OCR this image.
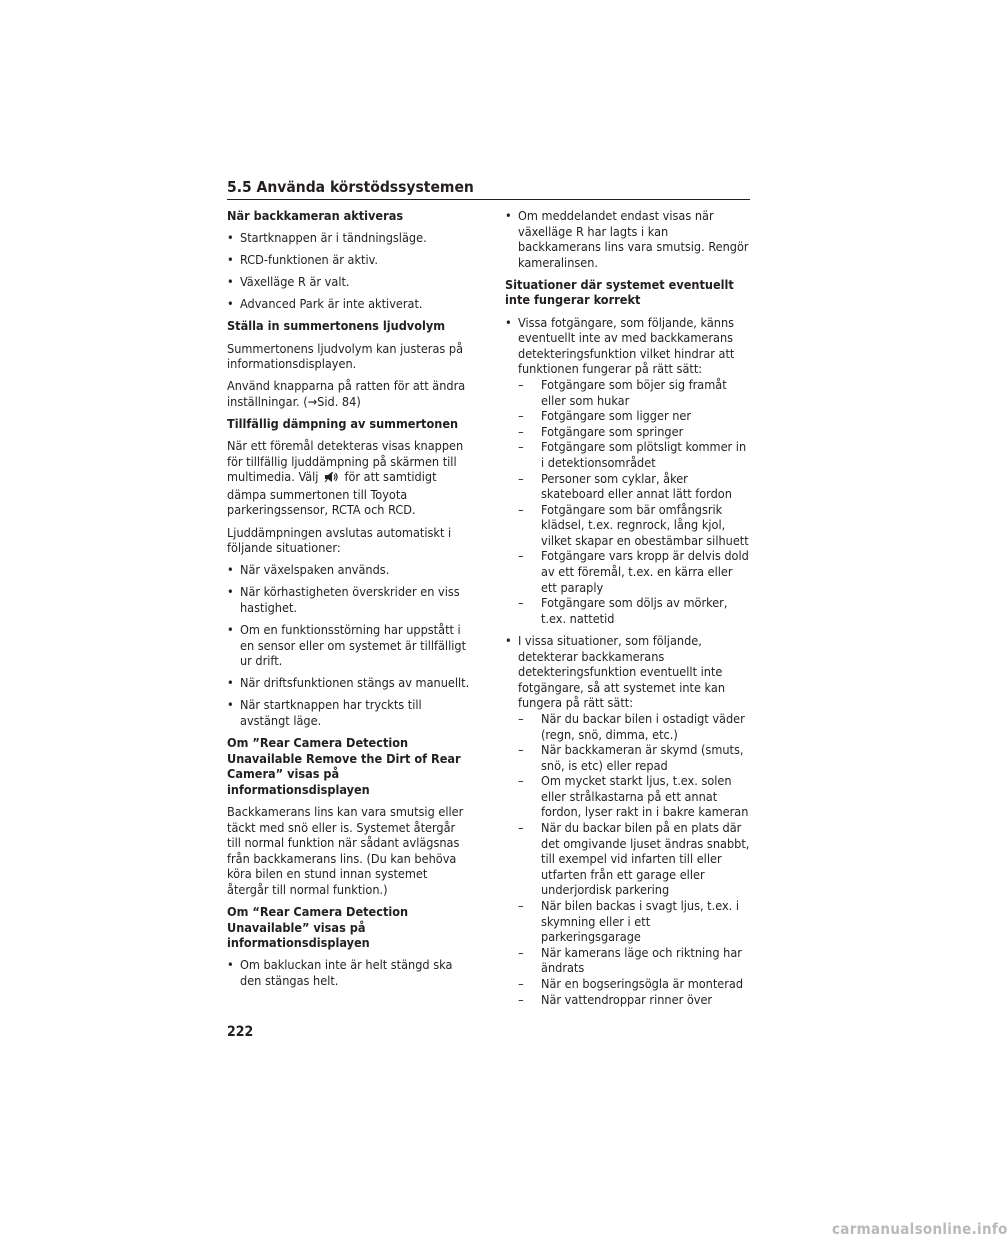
5.5 Använda körstödssystemen
När backkameran aktiveras
• Startknappen är i tändningsläge.
• RCD-funktionen är aktiv.
• Växelläge R är valt.
• Advanced Park är inte aktiverat.
Ställa in summertonens ljudvolym
Summertonens ljudvolym kan justeras på informationsdisplayen.
Använd knapparna på ratten för att ändra inställningar. (→Sid. 84)
Tillfällig dämpning av summertonen
När ett föremål detekteras visas knappen för tillfällig ljuddämpning på skärmen till multimedia. Välj för att samtidigt dämpa summertonen till Toyota parkeringssensor, RCTA och RCD.
Ljuddämpningen avslutas automatiskt i följande situationer:
• När växelspaken används.
• När körhastigheten överskrider en viss hastighet.
• Om en funktionsstörning har uppstått i en sensor eller om systemet är tillfälligt ur drift.
• När driftsfunktionen stängs av manuellt.
• När startknappen har tryckts till avstängt läge.
Om ”Rear Camera Detection Unavailable Remove the Dirt of Rear Camera” visas på informationsdisplayen
Backkamerans lins kan vara smutsig eller täckt med snö eller is. Systemet återgår till normal funktion när sådant avlägsnas från backkamerans lins. (Du kan behöva köra bilen en stund innan systemet återgår till normal funktion.)
Om “Rear Camera Detection Unavailable” visas på informationsdisplayen
• Om bakluckan inte är helt stängd ska den stängas helt.
• Om meddelandet endast visas när växelläge R har lagts i kan backkamerans lins vara smutsig. Rengör kameralinsen.
Situationer där systemet eventuellt inte fungerar korrekt
• Vissa fotgängare, som följande, känns eventuellt inte av med backkamerans detekteringsfunktion vilket hindrar att funktionen fungerar på rätt sätt:
– Fotgängare som böjer sig framåt eller som hukar
– Fotgängare som ligger ner
– Fotgängare som springer
– Fotgängare som plötsligt kommer in i detektionsområdet
– Personer som cyklar, åker skateboard eller annat lätt fordon
– Fotgängare som bär omfångsrik klädsel, t.ex. regnrock, lång kjol, vilket skapar en obestämbar silhuett
– Fotgängare vars kropp är delvis dold av ett föremål, t.ex. en kärra eller ett paraply
– Fotgängare som döljs av mörker, t.ex. nattetid
• I vissa situationer, som följande, detekterar backkamerans detekteringsfunktion eventuellt inte fotgängare, så att systemet inte kan fungera på rätt sätt:
– När du backar bilen i ostadigt väder (regn, snö, dimma, etc.)
– När backkameran är skymd (smuts, snö, is etc) eller repad
– Om mycket starkt ljus, t.ex. solen eller strålkastarna på ett annat fordon, lyser rakt in i bakre kameran
– När du backar bilen på en plats där det omgivande ljuset ändras snabbt, till exempel vid infarten till eller utfarten från ett garage eller underjordisk parkering
– När bilen backas i svagt ljus, t.ex. i skymning eller i ett parkeringsgarage
– När kamerans läge och riktning har ändrats
– När en bogseringsögla är monterad
– När vattendroppar rinner över
222
carmanualsonline.info
